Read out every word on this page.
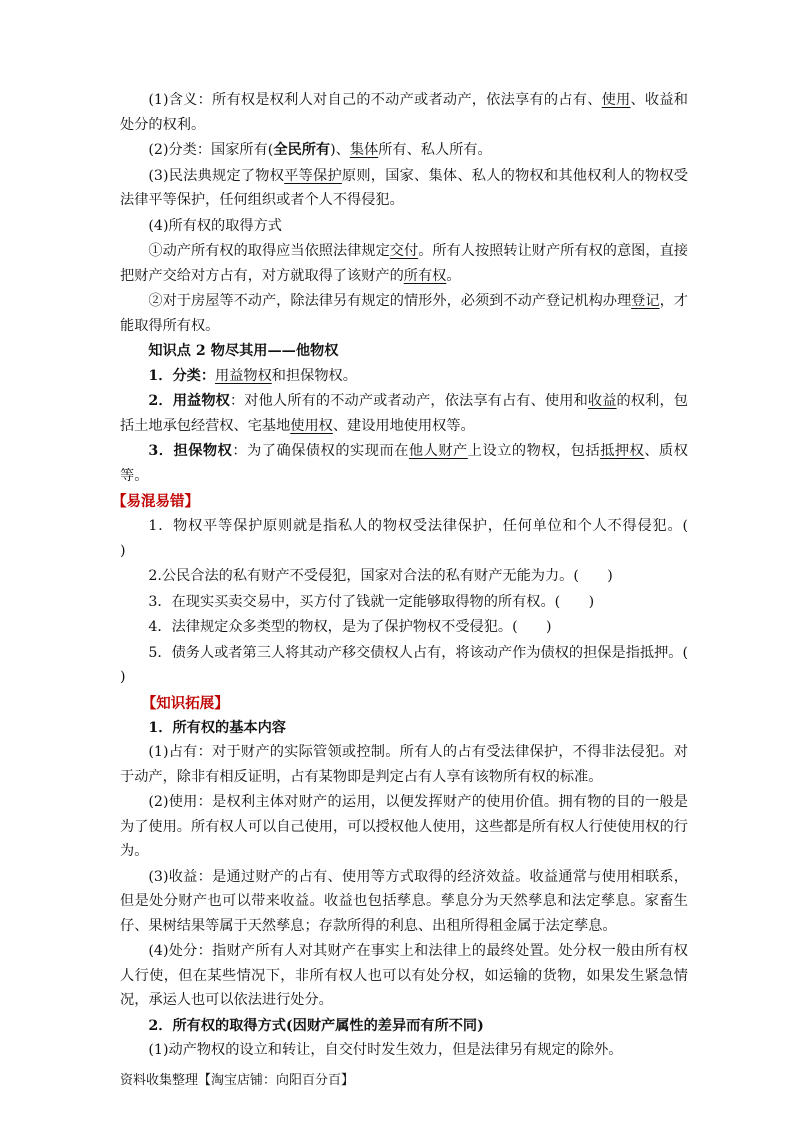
(1)含义：所有权是权利人对自己的不动产或者动产，依法享有的占有、使用、收益和处分的权利。

(2)分类：国家所有(全民所有)、集体所有、私人所有。

(3)民法典规定了物权平等保护原则，国家、集体、私人的物权和其他权利人的物权受法律平等保护，任何组织或者个人不得侵犯。

(4)所有权的取得方式

①动产所有权的取得应当依照法律规定交付。所有人按照转让财产所有权的意图，直接把财产交给对方占有，对方就取得了该财产的所有权。

②对于房屋等不动产，除法律另有规定的情形外，必须到不动产登记机构办理登记，才能取得所有权。

知识点 2 物尽其用——他物权

1．分类：用益物权和担保物权。

2．用益物权：对他人所有的不动产或者动产，依法享有占有、使用和收益的权利，包括土地承包经营权、宅基地使用权、建设用地使用权等。

3．担保物权：为了确保债权的实现而在他人财产上设立的物权，包括抵押权、质权等。

【易混易错】

1．物权平等保护原则就是指私人的物权受法律保护，任何单位和个人不得侵犯。(　　)

2.公民合法的私有财产不受侵犯，国家对合法的私有财产无能为力。(　　)

3．在现实买卖交易中，买方付了钱就一定能够取得物的所有权。(　　)

4．法律规定众多类型的物权，是为了保护物权不受侵犯。(　　)

5．债务人或者第三人将其动产移交债权人占有，将该动产作为债权的担保是指抵押。(　　)

【知识拓展】

1．所有权的基本内容

(1)占有：对于财产的实际管领或控制。所有人的占有受法律保护，不得非法侵犯。对于动产，除非有相反证明，占有某物即是判定占有人享有该物所有权的标准。

(2)使用：是权利主体对财产的运用，以便发挥财产的使用价值。拥有物的目的一般是为了使用。所有权人可以自己使用，可以授权他人使用，这些都是所有权人行使使用权的行为。

(3)收益：是通过财产的占有、使用等方式取得的经济效益。收益通常与使用相联系，但是处分财产也可以带来收益。收益也包括孳息。孳息分为天然孳息和法定孳息。家畜生仔、果树结果等属于天然孳息；存款所得的利息、出租所得租金属于法定孳息。

(4)处分：指财产所有人对其财产在事实上和法律上的最终处置。处分权一般由所有权人行使，但在某些情况下，非所有权人也可以有处分权，如运输的货物，如果发生紧急情况，承运人也可以依法进行处分。

2．所有权的取得方式(因财产属性的差异而有所不同)

(1)动产物权的设立和转让，自交付时发生效力，但是法律另有规定的除外。

资料收集整理【淘宝店铺：向阳百分百】
